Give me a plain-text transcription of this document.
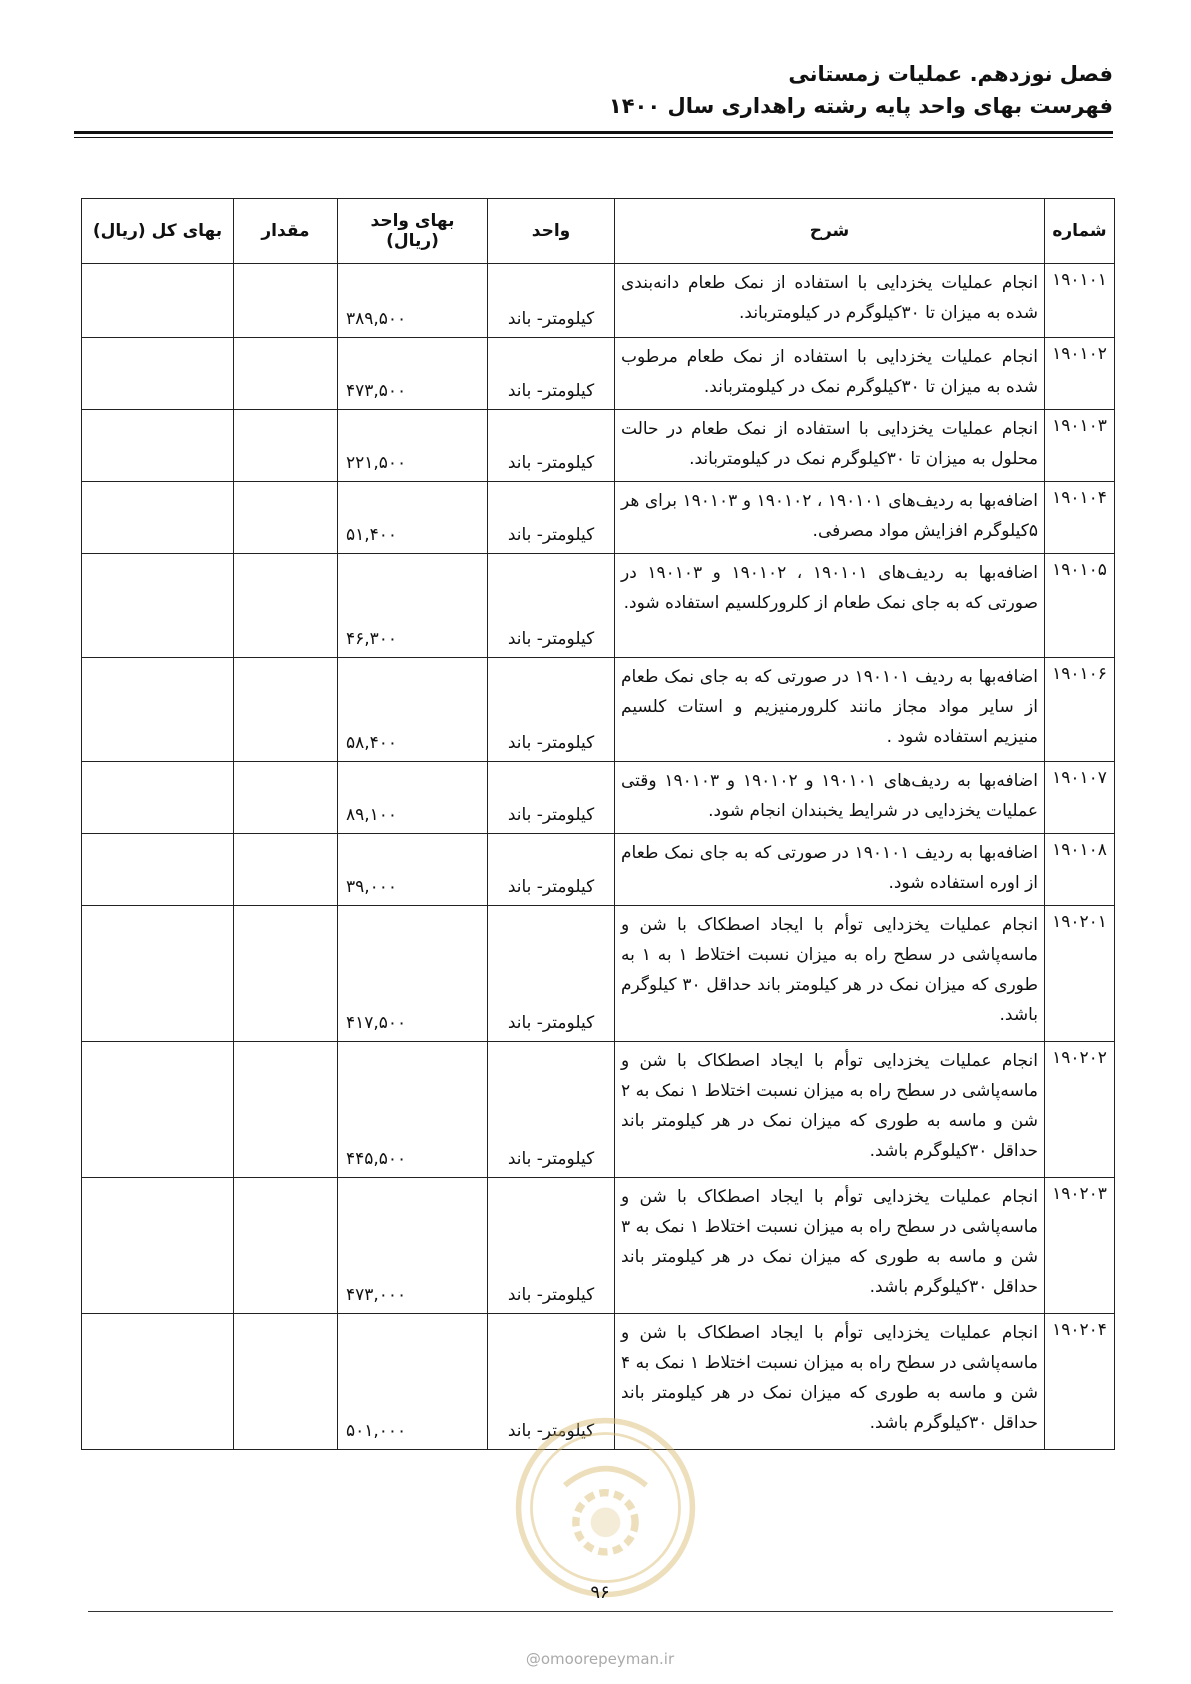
فصل نوزدهم. عملیات زمستانی
فهرست بهای واحد پایه رشته راهداری سال ۱۴۰۰
شماره	شرح	واحد	بهای واحد (ریال)	مقدار	بهای کل (ریال)
۱۹۰۱۰۱	انجام عملیات یخزدایی با استفاده از نمک طعام دانه‌بندی شده به میزان تا ۳۰کیلوگرم در کیلومترباند.	کیلومتر- باند	۳۸۹,۵۰۰		
۱۹۰۱۰۲	انجام عملیات یخزدایی با استفاده از نمک طعام مرطوب شده به میزان تا ۳۰کیلوگرم نمک در کیلومترباند.	کیلومتر- باند	۴۷۳,۵۰۰		
۱۹۰۱۰۳	انجام عملیات یخزدایی با استفاده از نمک طعام در حالت محلول به میزان تا ۳۰کیلوگرم نمک در کیلومترباند.	کیلومتر- باند	۲۲۱,۵۰۰		
۱۹۰۱۰۴	اضافه‌بها به ردیف‌های ۱۹۰۱۰۱ ، ۱۹۰۱۰۲ و ۱۹۰۱۰۳ برای هر ۵کیلوگرم افزایش مواد مصرفی.	کیلومتر- باند	۵۱,۴۰۰		
۱۹۰۱۰۵	اضافه‌بها به ردیف‌های ۱۹۰۱۰۱ ، ۱۹۰۱۰۲ و ۱۹۰۱۰۳ در صورتی که به جای نمک طعام از کلرورکلسیم استفاده شود.	کیلومتر- باند	۴۶,۳۰۰		
۱۹۰۱۰۶	اضافه‌بها به ردیف ۱۹۰۱۰۱ در صورتی که به جای نمک طعام از سایر مواد مجاز مانند کلرورمنیزیم و استات کلسیم منیزیم استفاده شود .	کیلومتر- باند	۵۸,۴۰۰		
۱۹۰۱۰۷	اضافه‌بها به ردیف‌های ۱۹۰۱۰۱ و ۱۹۰۱۰۲ و ۱۹۰۱۰۳ وقتی عملیات یخزدایی در شرایط یخبندان انجام شود.	کیلومتر- باند	۸۹,۱۰۰		
۱۹۰۱۰۸	اضافه‌بها به ردیف ۱۹۰۱۰۱ در صورتی که به جای نمک طعام از اوره استفاده شود.	کیلومتر- باند	۳۹,۰۰۰		
۱۹۰۲۰۱	انجام عملیات یخزدایی توأم با ایجاد اصطکاک با شن و ماسه‌پاشی در سطح راه به میزان نسبت اختلاط ۱ به ۱ به طوری که میزان نمک در هر کیلومتر باند حداقل ۳۰ کیلوگرم باشد.	کیلومتر- باند	۴۱۷,۵۰۰		
۱۹۰۲۰۲	انجام عملیات یخزدایی توأم با ایجاد اصطکاک با شن و ماسه‌پاشی در سطح راه به میزان نسبت اختلاط ۱ نمک به ۲ شن و ماسه به طوری که میزان نمک در هر کیلومتر باند حداقل ۳۰کیلوگرم باشد.	کیلومتر- باند	۴۴۵,۵۰۰		
۱۹۰۲۰۳	انجام عملیات یخزدایی توأم با ایجاد اصطکاک با شن و ماسه‌پاشی در سطح راه به میزان نسبت اختلاط ۱ نمک به ۳ شن و ماسه به طوری که میزان نمک در هر کیلومتر باند حداقل ۳۰کیلوگرم باشد.	کیلومتر- باند	۴۷۳,۰۰۰		
۱۹۰۲۰۴	انجام عملیات یخزدایی توأم با ایجاد اصطکاک با شن و ماسه‌پاشی در سطح راه به میزان نسبت اختلاط ۱ نمک به ۴ شن و ماسه به طوری که میزان نمک در هر کیلومتر باند حداقل ۳۰کیلوگرم باشد.	کیلومتر- باند	۵۰۱,۰۰۰		
۹۶
@omoorepeyman.ir
